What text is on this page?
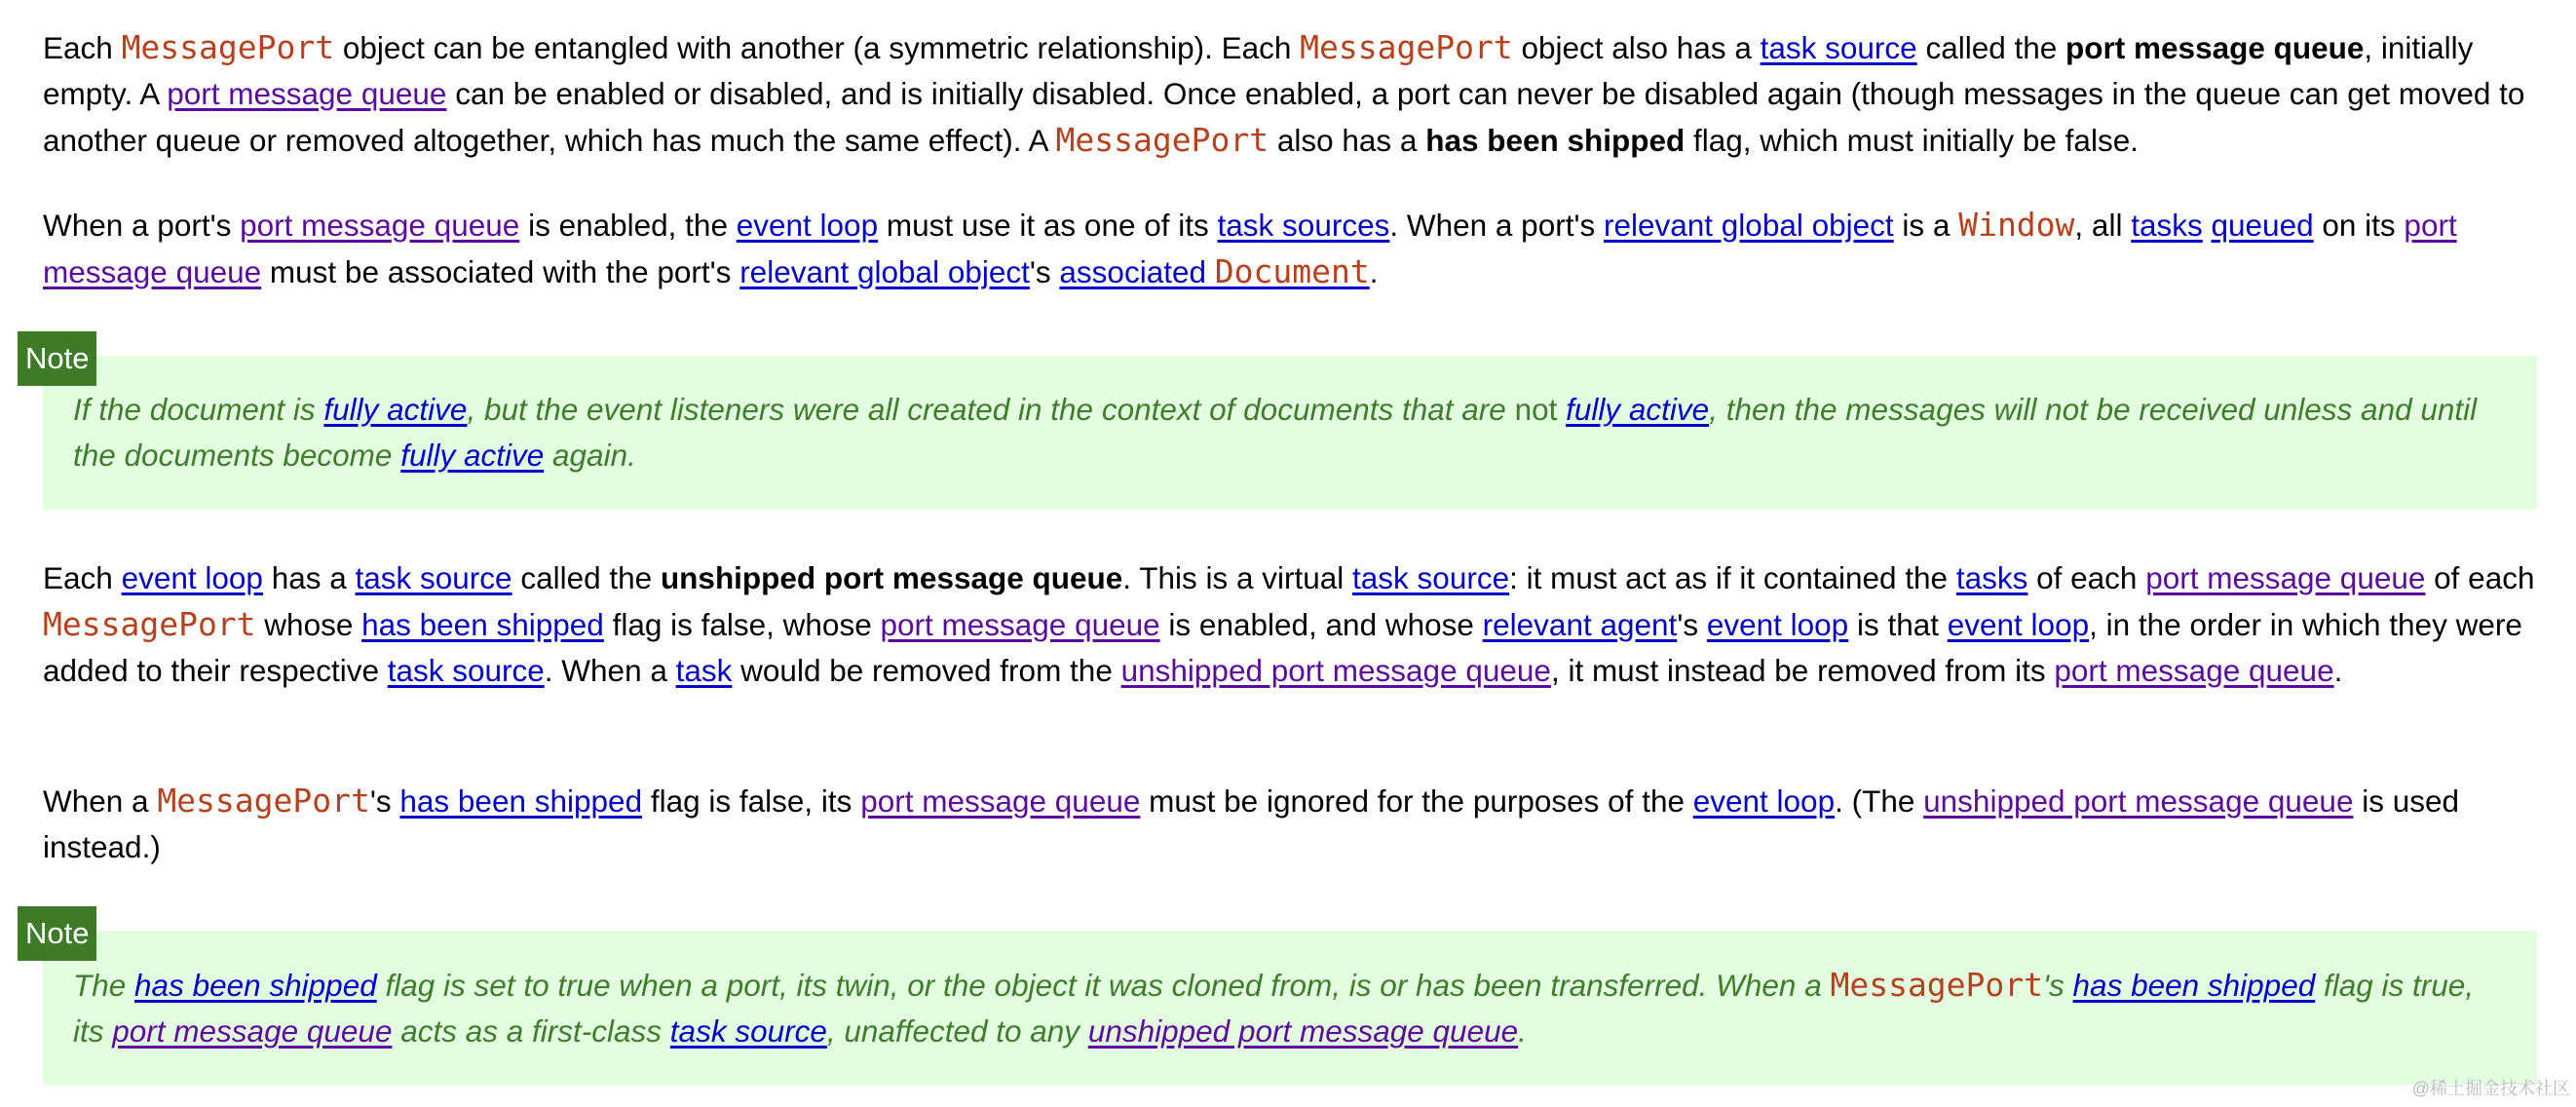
Each MessagePort object can be entangled with another (a symmetric relationship). Each MessagePort object also has a task source called the port message queue, initially empty. A port message queue can be enabled or disabled, and is initially disabled. Once enabled, a port can never be disabled again (though messages in the queue can get moved to another queue or removed altogether, which has much the same effect). A MessagePort also has a has been shipped flag, which must initially be false.

When a port's port message queue is enabled, the event loop must use it as one of its task sources. When a port's relevant global object is a Window, all tasks queued on its port message queue must be associated with the port's relevant global object's associated Document.

If the document is fully active, but the event listeners were all created in the context of documents that are not fully active, then the messages will not be received unless and until the documents become fully active again.

Note

Each event loop has a task source called the unshipped port message queue. This is a virtual task source: it must act as if it contained the tasks of each port message queue of each MessagePort whose has been shipped flag is false, whose port message queue is enabled, and whose relevant agent's event loop is that event loop, in the order in which they were added to their respective task source. When a task would be removed from the unshipped port message queue, it must instead be removed from its port message queue.

When a MessagePort's has been shipped flag is false, its port message queue must be ignored for the purposes of the event loop. (The unshipped port message queue is used instead.)

The has been shipped flag is set to true when a port, its twin, or the object it was cloned from, is or has been transferred. When a MessagePort's has been shipped flag is true, its port message queue acts as a first-class task source, unaffected to any unshipped port message queue.

Note
@稀土掘金技术社区
